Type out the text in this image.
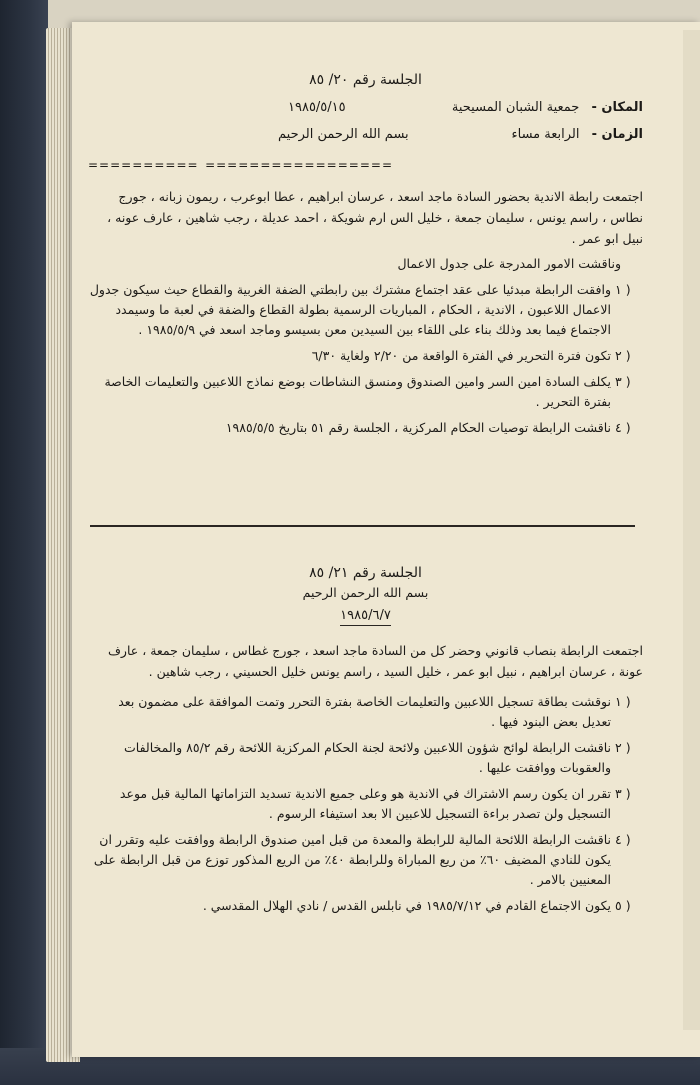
الجلسة رقم ٢٠/ ٨٥
المكان - جمعية الشبان المسيحية
١٩٨٥/٥/١٥
الزمان - الرابعة مساء
بسم الله الرحمن الرحيم
========== =================
اجتمعت رابطة الاندية بحضور السادة ماجد اسعد ، عرسان ابراهيم ، عطا ابوعرب ، ريمون زبانه ، جورج نطاس ، راسم يونس ، سليمان جمعة ، خليل الس ارم شويكة ، احمد عديلة ، رجب شاهين ، عارف عونه ، نبيل ابو عمر .
وناقشت الامور المدرجة على جدول الاعمال
١ )
وافقت الرابطة مبدئيا على عقد اجتماع مشترك بين رابطتي الضفة الغربية والقطاع حيث سيكون جدول الاعمال اللاعبون ، الاندية ، الحكام ، المباريات الرسمية بطولة القطاع والضفة في لعبة ما وسيمدد الاجتماع فيما بعد وذلك بناء على اللقاء بين السيدين معن بسيسو وماجد اسعد في ١٩٨٥/٥/٩ .
٢ )
تكون فترة التحرير في الفترة الواقعة من ٢/٢٠ ولغاية ٦/٣٠
٣ )
يكلف السادة امين السر وامين الصندوق ومنسق النشاطات بوضع نماذج اللاعبين والتعليمات الخاصة بفترة التحرير .
٤ )
ناقشت الرابطة توصيات الحكام المركزية ، الجلسة رقم ٥١ بتاريخ ١٩٨٥/٥/٥
الجلسة رقم ٢١/ ٨٥
بسم الله الرحمن الرحيم
١٩٨٥/٦/٧
اجتمعت الرابطة بنصاب قانوني وحضر كل من السادة ماجد اسعد ، جورج غطاس ، سليمان جمعة ، عارف عونة ، عرسان ابراهيم ، نبيل ابو عمر ، خليل السيد ، راسم يونس خليل الحسيني ، رجب شاهين .
١ )
نوقشت بطاقة تسجيل اللاعبين والتعليمات الخاصة بفترة التحرر وتمت الموافقة على مضمون بعد تعديل بعض البنود فيها .
٢ )
ناقشت الرابطة لوائح شؤون اللاعبين ولائحة لجنة الحكام المركزية اللائحة رقم ٨٥/٢ والمخالفات والعقوبات ووافقت عليها .
٣ )
تقرر ان يكون رسم الاشتراك في الاندية هو وعلى جميع الاندية تسديد التزاماتها المالية قبل موعد التسجيل ولن تصدر براءة التسجيل للاعبين الا بعد استيفاء الرسوم .
٤ )
ناقشت الرابطة اللائحة المالية للرابطة والمعدة من قبل امين صندوق الرابطة ووافقت عليه وتقرر ان يكون للنادي المضيف ٦٠٪ من ريع المباراة وللرابطة ٤٠٪ من الريع المذكور توزع من قبل الرابطة على المعنيين بالامر .
٥ )
يكون الاجتماع القادم في ١٩٨٥/٧/١٢ في نابلس القدس / نادي الهلال المقدسي .
